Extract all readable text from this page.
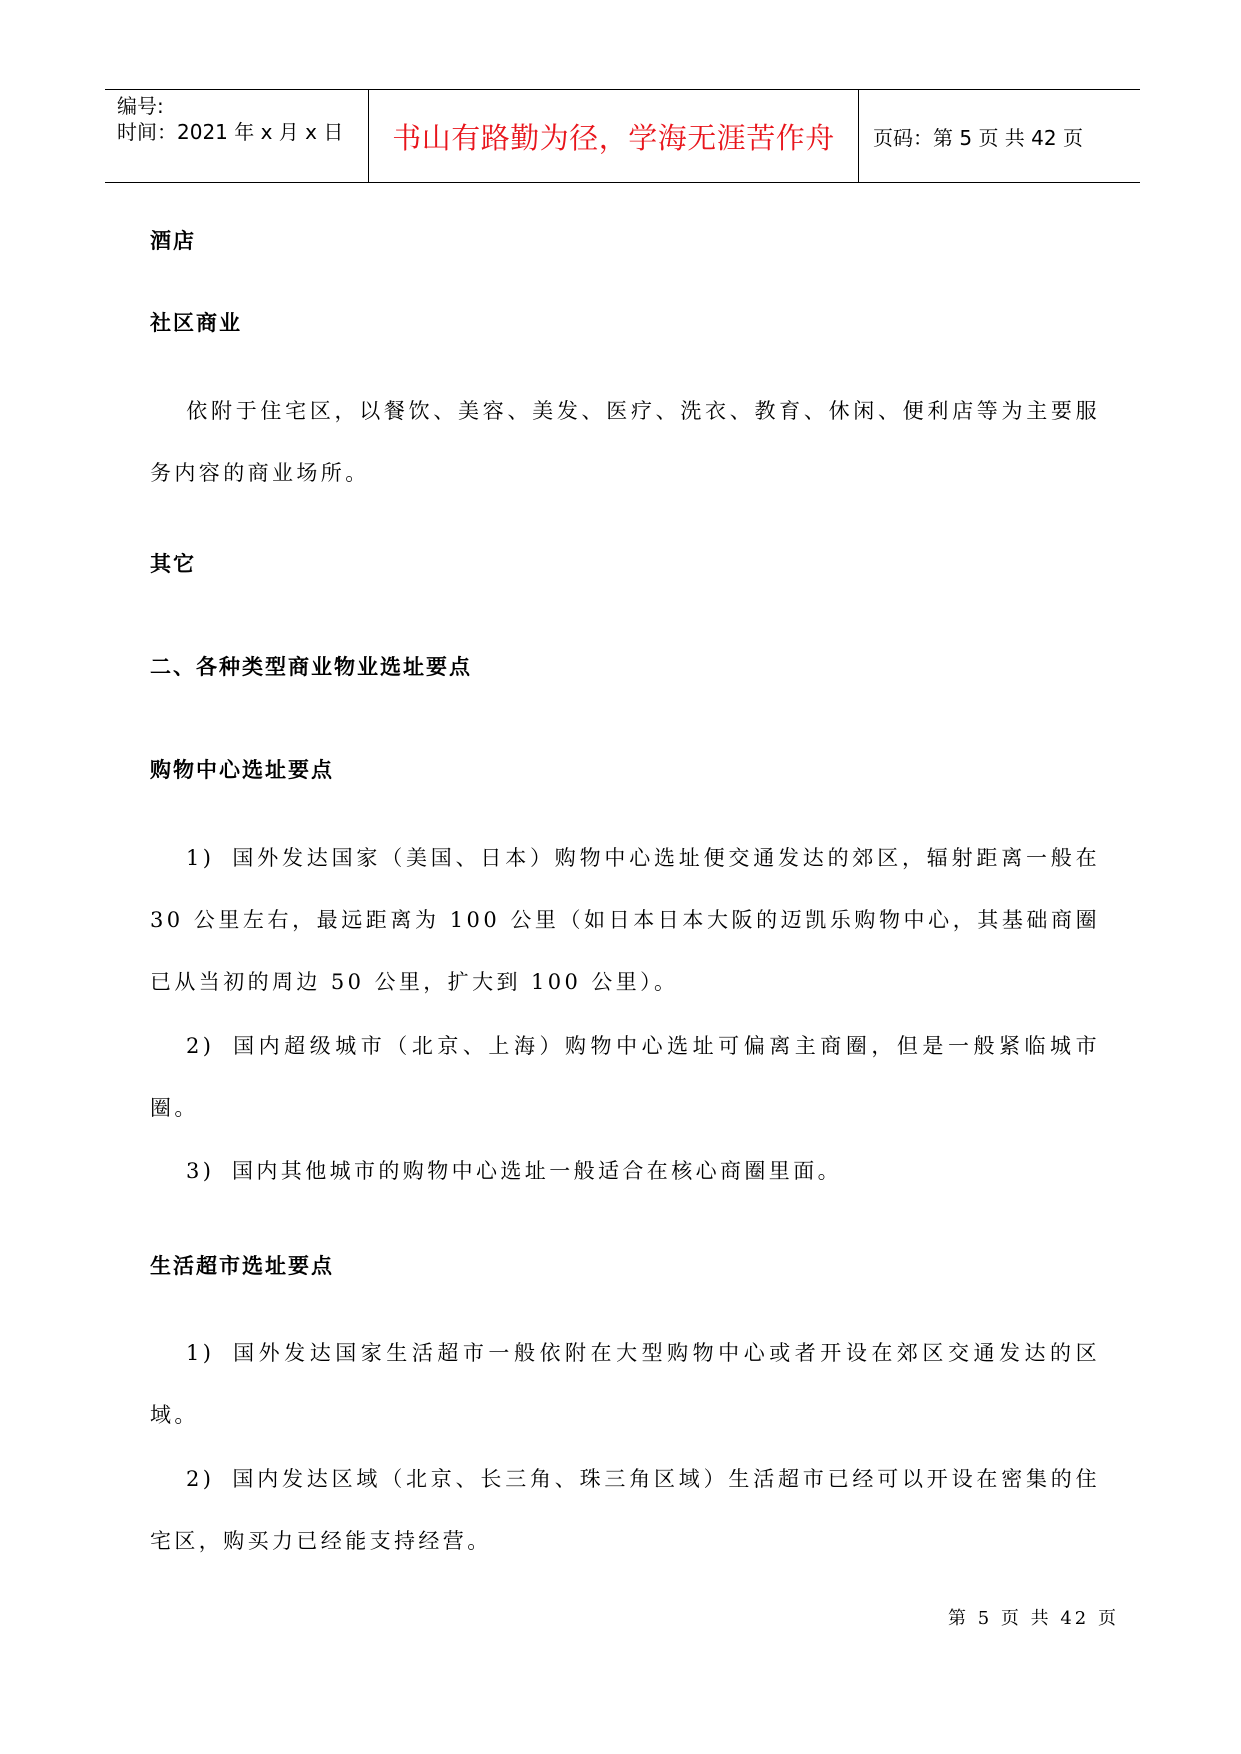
编号:
时间：2021 年 x 月 x 日	书山有路勤为径，学海无涯苦作舟 页码：第 5 页 共 42 页
酒店
社区商业
依附于住宅区，以餐饮、美容、美发、医疗、洗衣、教育、休闲、便利店等为主要服务内容的商业场所。
其它
二、各种类型商业物业选址要点
购物中心选址要点
1) 国外发达国家（美国、日本）购物中心选址便交通发达的郊区，辐射距离一般在 30 公里左右，最远距离为 100 公里（如日本日本大阪的迈凯乐购物中心，其基础商圈已从当初的周边 50 公里，扩大到 100 公里）。
2) 国内超级城市（北京、上海）购物中心选址可偏离主商圈，但是一般紧临城市圈。
3) 国内其他城市的购物中心选址一般适合在核心商圈里面。
生活超市选址要点
1) 国外发达国家生活超市一般依附在大型购物中心或者开设在郊区交通发达的区域。
2) 国内发达区域（北京、长三角、珠三角区域）生活超市已经可以开设在密集的住宅区，购买力已经能支持经营。
第 5 页 共 42 页
